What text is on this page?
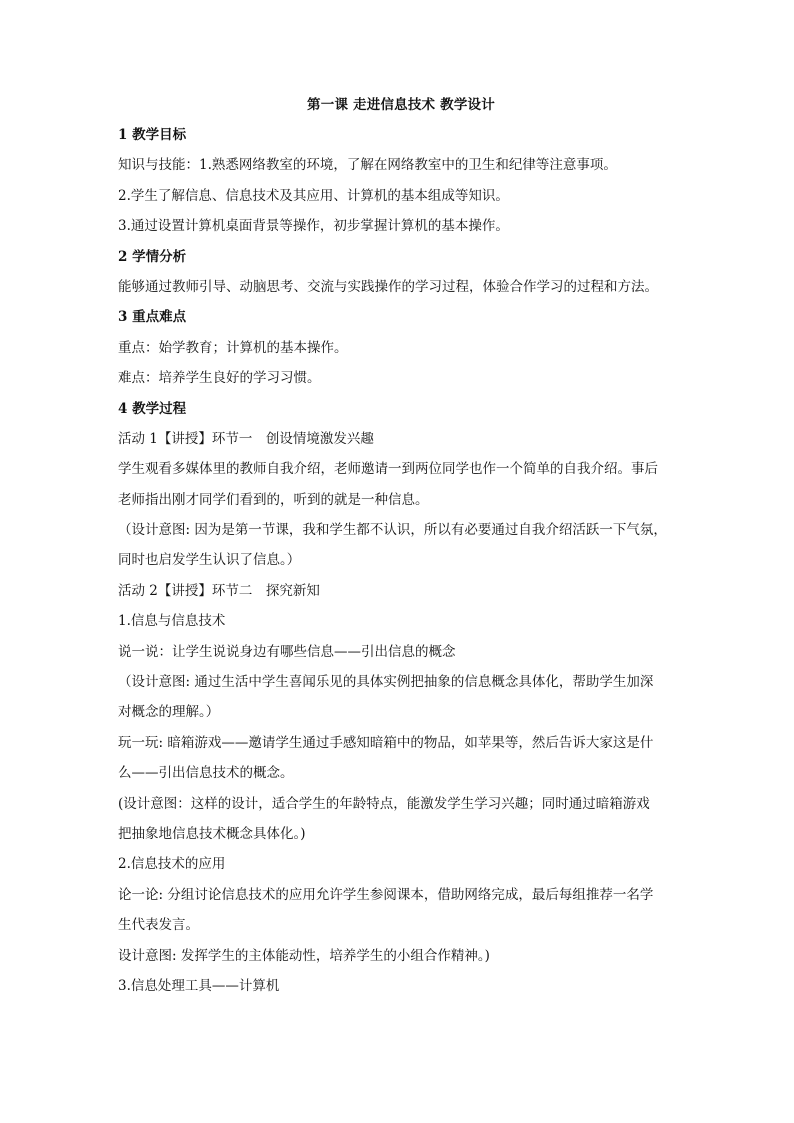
第一课 走进信息技术 教学设计
1 教学目标
知识与技能：1.熟悉网络教室的环境，了解在网络教室中的卫生和纪律等注意事项。
2.学生了解信息、信息技术及其应用、计算机的基本组成等知识。
3.通过设置计算机桌面背景等操作，初步掌握计算机的基本操作。
2 学情分析
能够通过教师引导、动脑思考、交流与实践操作的学习过程，体验合作学习的过程和方法。
3 重点难点
重点：始学教育；计算机的基本操作。
难点：培养学生良好的学习习惯。
4 教学过程
活动 1【讲授】环节一　创设情境激发兴趣
学生观看多媒体里的教师自我介绍，老师邀请一到两位同学也作一个简单的自我介绍。事后
老师指出刚才同学们看到的，听到的就是一种信息。
（设计意图: 因为是第一节课，我和学生都不认识，所以有必要通过自我介绍活跃一下气氛，
同时也启发学生认识了信息。）
活动 2【讲授】环节二　探究新知
1.信息与信息技术
说一说：让学生说说身边有哪些信息——引出信息的概念
（设计意图: 通过生活中学生喜闻乐见的具体实例把抽象的信息概念具体化，帮助学生加深
对概念的理解。）
玩一玩: 暗箱游戏——邀请学生通过手感知暗箱中的物品，如苹果等，然后告诉大家这是什
么——引出信息技术的概念。
(设计意图：这样的设计，适合学生的年龄特点，能激发学生学习兴趣；同时通过暗箱游戏
把抽象地信息技术概念具体化。)
2.信息技术的应用
论一论: 分组讨论信息技术的应用允许学生参阅课本，借助网络完成，最后每组推荐一名学
生代表发言。
设计意图: 发挥学生的主体能动性，培养学生的小组合作精神。)
3.信息处理工具——计算机
